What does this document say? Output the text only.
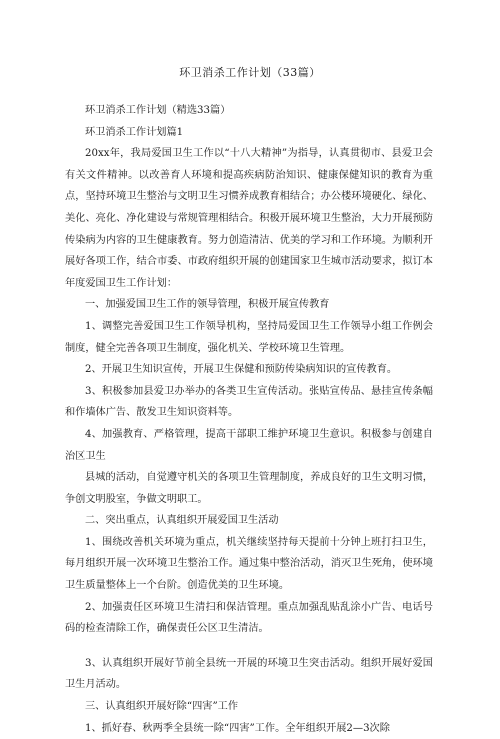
环卫消杀工作计划（33篇）

环卫消杀工作计划（精选33篇）

环卫消杀工作计划篇1

20xx年，我局爱国卫生工作以“十八大精神”为指导，认真贯彻市、县爱卫会有关文件精神。以改善育人环境和提高疾病防治知识、健康保健知识的教育为重点，坚持环境卫生整治与文明卫生习惯养成教育相结合；办公楼环境硬化、绿化、美化、亮化、净化建设与常规管理相结合。积极开展环境卫生整治，大力开展预防传染病为内容的卫生健康教育。努力创造清洁、优美的学习和工作环境。为顺利开展好各项工作，结合市委、市政府组织开展的创建国家卫生城市活动要求，拟订本年度爱国卫生工作计划：

一、加强爱国卫生工作的领导管理，积极开展宣传教育

1、调整完善爱国卫生工作领导机构，坚持局爱国卫生工作领导小组工作例会制度，健全完善各项卫生制度，强化机关、学校环境卫生管理。

2、开展卫生知识宣传，开展卫生保健和预防传染病知识的宣传教育。

3、积极参加县爱卫办举办的各类卫生宣传活动。张贴宣传品、悬挂宣传条幅和作墙体广告、散发卫生知识资料等。

4、加强教育、严格管理，提高干部职工维护环境卫生意识。积极参与创建自治区卫生

县城的活动，自觉遵守机关的各项卫生管理制度，养成良好的卫生文明习惯，争创文明股室，争做文明职工。

二、突出重点，认真组织开展爱国卫生活动

1、围绕改善机关环境为重点，机关继续坚持每天提前十分钟上班打扫卫生，每月组织开展一次环境卫生整治工作。通过集中整治活动，消灭卫生死角，使环境卫生质量整体上一个台阶。创造优美的卫生环境。

2、加强责任区环境卫生清扫和保洁管理。重点加强乱贴乱涂小广告、电话号码的检查清除工作，确保责任公区卫生清洁。

3、认真组织开展好节前全县统一开展的环境卫生突击活动。组织开展好爱国卫生月活动。

三、认真组织开展好除“四害”工作

1、抓好春、秋两季全县统一除“四害”工作。全年组织开展2—3次除
